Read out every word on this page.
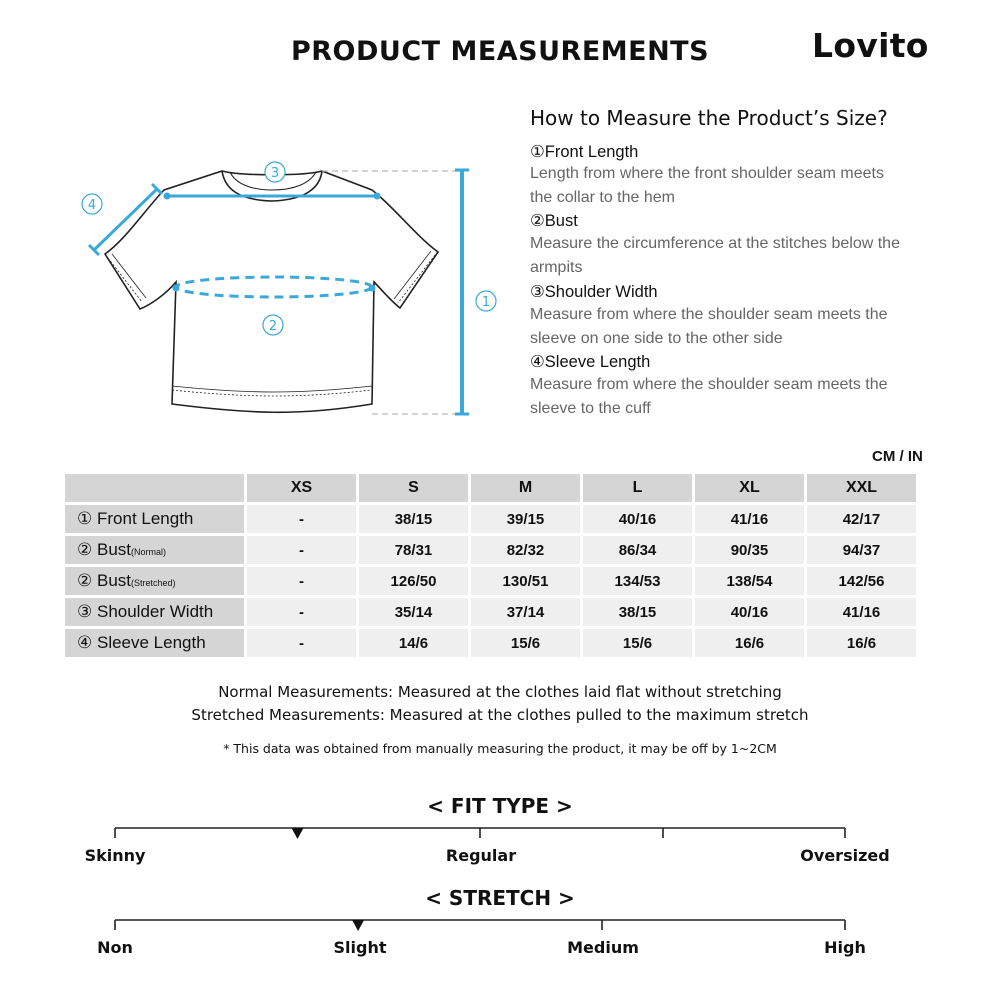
PRODUCT MEASUREMENTS	Lovito
3
4
2
1
How to Measure the Product’s Size?
①Front Length
Length from where the front shoulder seam meets the collar to the hem
②Bust
Measure the circumference at the stitches below the armpits
③Shoulder Width
Measure from where the shoulder seam meets the sleeve on one side to the other side
④Sleeve Length
Measure from where the shoulder seam meets the sleeve to the cuff
CM / IN
	XS	S	M	L	XL	XXL
① Front Length	-	38/15	39/15	40/16	41/16	42/17
② Bust(Normal)	-	78/31	82/32	86/34	90/35	94/37
② Bust(Stretched)	-	126/50	130/51	134/53	138/54	142/56
③ Shoulder Width	-	35/14	37/14	38/15	40/16	41/16
④ Sleeve Length	-	14/6	15/6	15/6	16/6	16/6
Normal Measurements: Measured at the clothes laid flat without stretching
Stretched Measurements: Measured at the clothes pulled to the maximum stretch
* This data was obtained from manually measuring the product, it may be off by 1~2CM
< FIT TYPE >
Skinny	Regular	Oversized
< STRETCH >
Non	Slight	Medium	High
